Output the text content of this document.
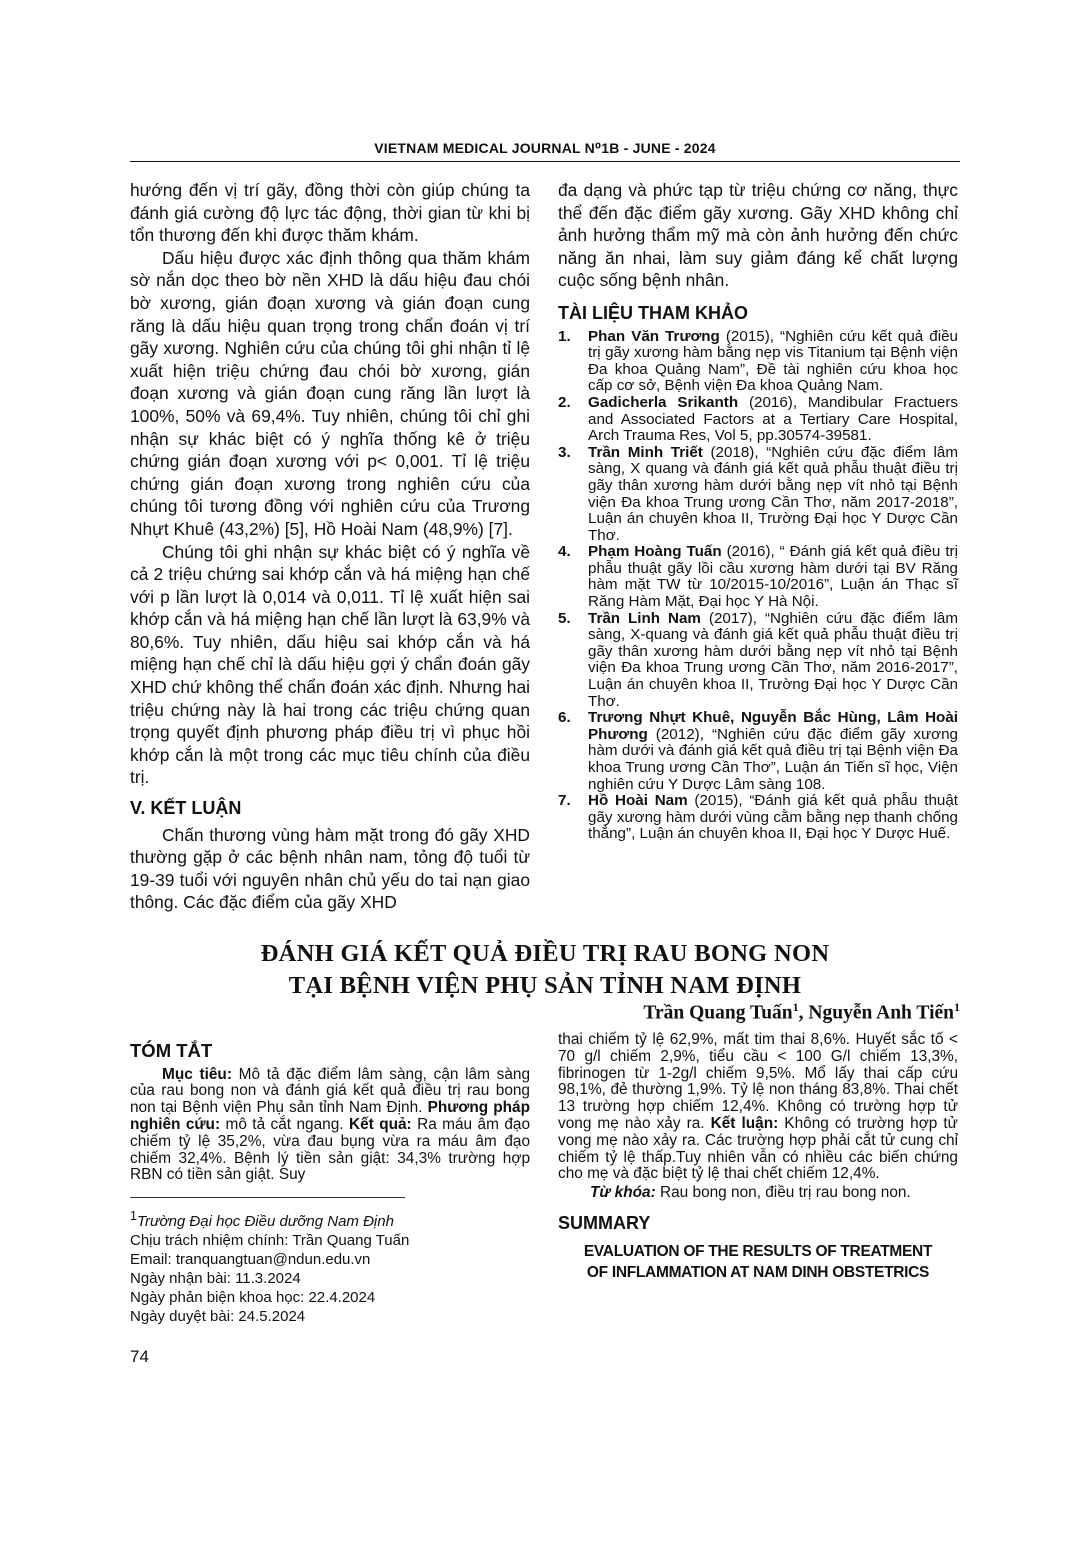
VIETNAM MEDICAL JOURNAL N⁰1B - JUNE - 2024

hướng đến vị trí gãy, đồng thời còn giúp chúng ta đánh giá cường độ lực tác động, thời gian từ khi bị tổn thương đến khi được thăm khám.

Dấu hiệu được xác định thông qua thăm khám sờ nắn dọc theo bờ nền XHD là dấu hiệu đau chói bờ xương, gián đoạn xương và gián đoạn cung răng là dấu hiệu quan trọng trong chẩn đoán vị trí gãy xương. Nghiên cứu của chúng tôi ghi nhận tỉ lệ xuất hiện triệu chứng đau chói bờ xương, gián đoạn xương và gián đoạn cung răng lần lượt là 100%, 50% và 69,4%. Tuy nhiên, chúng tôi chỉ ghi nhận sự khác biệt có ý nghĩa thống kê ở triệu chứng gián đoạn xương với p< 0,001. Tỉ lệ triệu chứng gián đoạn xương trong nghiên cứu của chúng tôi tương đồng với nghiên cứu của Trương Nhựt Khuê (43,2%) [5], Hồ Hoài Nam (48,9%) [7].

Chúng tôi ghi nhận sự khác biệt có ý nghĩa về cả 2 triệu chứng sai khớp cắn và há miệng hạn chế với p lần lượt là 0,014 và 0,011. Tỉ lệ xuất hiện sai khớp cắn và há miệng hạn chế lần lượt là 63,9% và 80,6%. Tuy nhiên, dấu hiệu sai khớp cắn và há miệng hạn chế chỉ là dấu hiệu gợi ý chẩn đoán gãy XHD chứ không thể chẩn đoán xác định. Nhưng hai triệu chứng này là hai trong các triệu chứng quan trọng quyết định phương pháp điều trị vì phục hồi khớp cắn là một trong các mục tiêu chính của điều trị.

V. KẾT LUẬN

Chấn thương vùng hàm mặt trong đó gãy XHD thường gặp ở các bệnh nhân nam, tỏng độ tuổi từ 19-39 tuổi với nguyên nhân chủ yếu do tai nạn giao thông. Các đặc điểm của gãy XHD

đa dạng và phức tạp từ triệu chứng cơ năng, thực thể đến đặc điểm gãy xương. Gãy XHD không chỉ ảnh hưởng thẩm mỹ mà còn ảnh hưởng đến chức năng ăn nhai, làm suy giảm đáng kể chất lượng cuộc sống bệnh nhân.

TÀI LIỆU THAM KHẢO
1. Phan Văn Trương (2015), “Nghiên cứu kết quả điều trị gãy xương hàm bằng nẹp vis Titanium tại Bệnh viện Đa khoa Quảng Nam”, Đề tài nghiên cứu khoa học cấp cơ sở, Bệnh viện Đa khoa Quảng Nam.
2. Gadicherla Srikanth (2016), Mandibular Fractuers and Associated Factors at a Tertiary Care Hospital, Arch Trauma Res, Vol 5, pp.30574-39581.
3. Trần Minh Triết (2018), “Nghiên cứu đặc điểm lâm sàng, X quang và đánh giá kết quả phẫu thuật điều trị gãy thân xương hàm dưới bằng nẹp vít nhỏ tại Bệnh viện Đa khoa Trung ương Cần Thơ, năm 2017-2018”, Luận án chuyên khoa II, Trường Đại học Y Dược Cần Thơ.
4. Phạm Hoàng Tuấn (2016), “ Đánh giá kết quả điều trị phẫu thuật gãy lồi cầu xương hàm dưới tại BV Răng hàm mặt TW từ 10/2015-10/2016”, Luận án Thạc sĩ Răng Hàm Mặt, Đại học Y Hà Nội.
5. Trần Linh Nam (2017), “Nghiên cứu đặc điểm lâm sàng, X-quang và đánh giá kết quả phẫu thuật điều trị gãy thân xương hàm dưới bằng nẹp vít nhỏ tại Bệnh viện Đa khoa Trung ương Cần Thơ, năm 2016-2017”, Luận án chuyên khoa II, Trường Đại học Y Dược Cần Thơ.
6. Trương Nhựt Khuê, Nguyễn Bắc Hùng, Lâm Hoài Phương (2012), “Nghiên cứu đặc điểm gãy xương hàm dưới và đánh giá kết quả điều trị tại Bệnh viện Đa khoa Trung ương Cần Thơ”, Luận án Tiến sĩ học, Viện nghiên cứu Y Dược Lâm sàng 108.
7. Hồ Hoài Nam (2015), “Đánh giá kết quả phẫu thuật gãy xương hàm dưới vùng cằm bằng nẹp thanh chống thẳng”, Luận án chuyên khoa II, Đại học Y Dược Huế.
ĐÁNH GIÁ KẾT QUẢ ĐIỀU TRỊ RAU BONG NON
TẠI BỆNH VIỆN PHỤ SẢN TỈNH NAM ĐỊNH
Trần Quang Tuấn$^1$, Nguyễn Anh Tiến$^1$
TÓM TẮT

Mục tiêu: Mô tả đặc điểm lâm sàng, cận lâm sàng của rau bong non và đánh giá kết quả điều trị rau bong non tại Bệnh viện Phụ sản tỉnh Nam Định. Phương pháp nghiên cứu: mô tả cắt ngang. Kết quả: Ra máu âm đạo chiếm tỷ lệ 35,2%, vừa đau bụng vừa ra máu âm đạo chiếm 32,4%. Bệnh lý tiền sản giật: 34,3% trường hợp RBN có tiền sản giật. Suy

$^1$Trường Đại học Điều dưỡng Nam Định
Chịu trách nhiệm chính: Trần Quang Tuấn
Email: tranquangtuan@ndun.edu.vn
Ngày nhận bài: 11.3.2024
Ngày phản biện khoa học: 22.4.2024
Ngày duyệt bài: 24.5.2024

thai chiếm tỷ lệ 62,9%, mất tim thai 8,6%. Huyết sắc tố < 70 g/l chiếm 2,9%, tiểu cầu < 100 G/l chiếm 13,3%, fibrinogen từ 1-2g/l chiếm 9,5%. Mổ lấy thai cấp cứu 98,1%, đẻ thường 1,9%. Tỷ lệ non tháng 83,8%. Thai chết 13 trường hợp chiếm 12,4%. Không có trường hợp tử vong mẹ nào xảy ra. Kết luận: Không có trường hợp tử vong mẹ nào xảy ra. Các trường hợp phải cắt tử cung chỉ chiếm tỷ lệ thấp.Tuy nhiên vẫn có nhiều các biến chứng cho mẹ và đặc biệt tỷ lệ thai chết chiếm 12,4%.

Từ khóa: Rau bong non, điều trị rau bong non.

SUMMARY
EVALUATION OF THE RESULTS OF TREATMENT
OF INFLAMMATION AT NAM DINH OBSTETRICS
74
